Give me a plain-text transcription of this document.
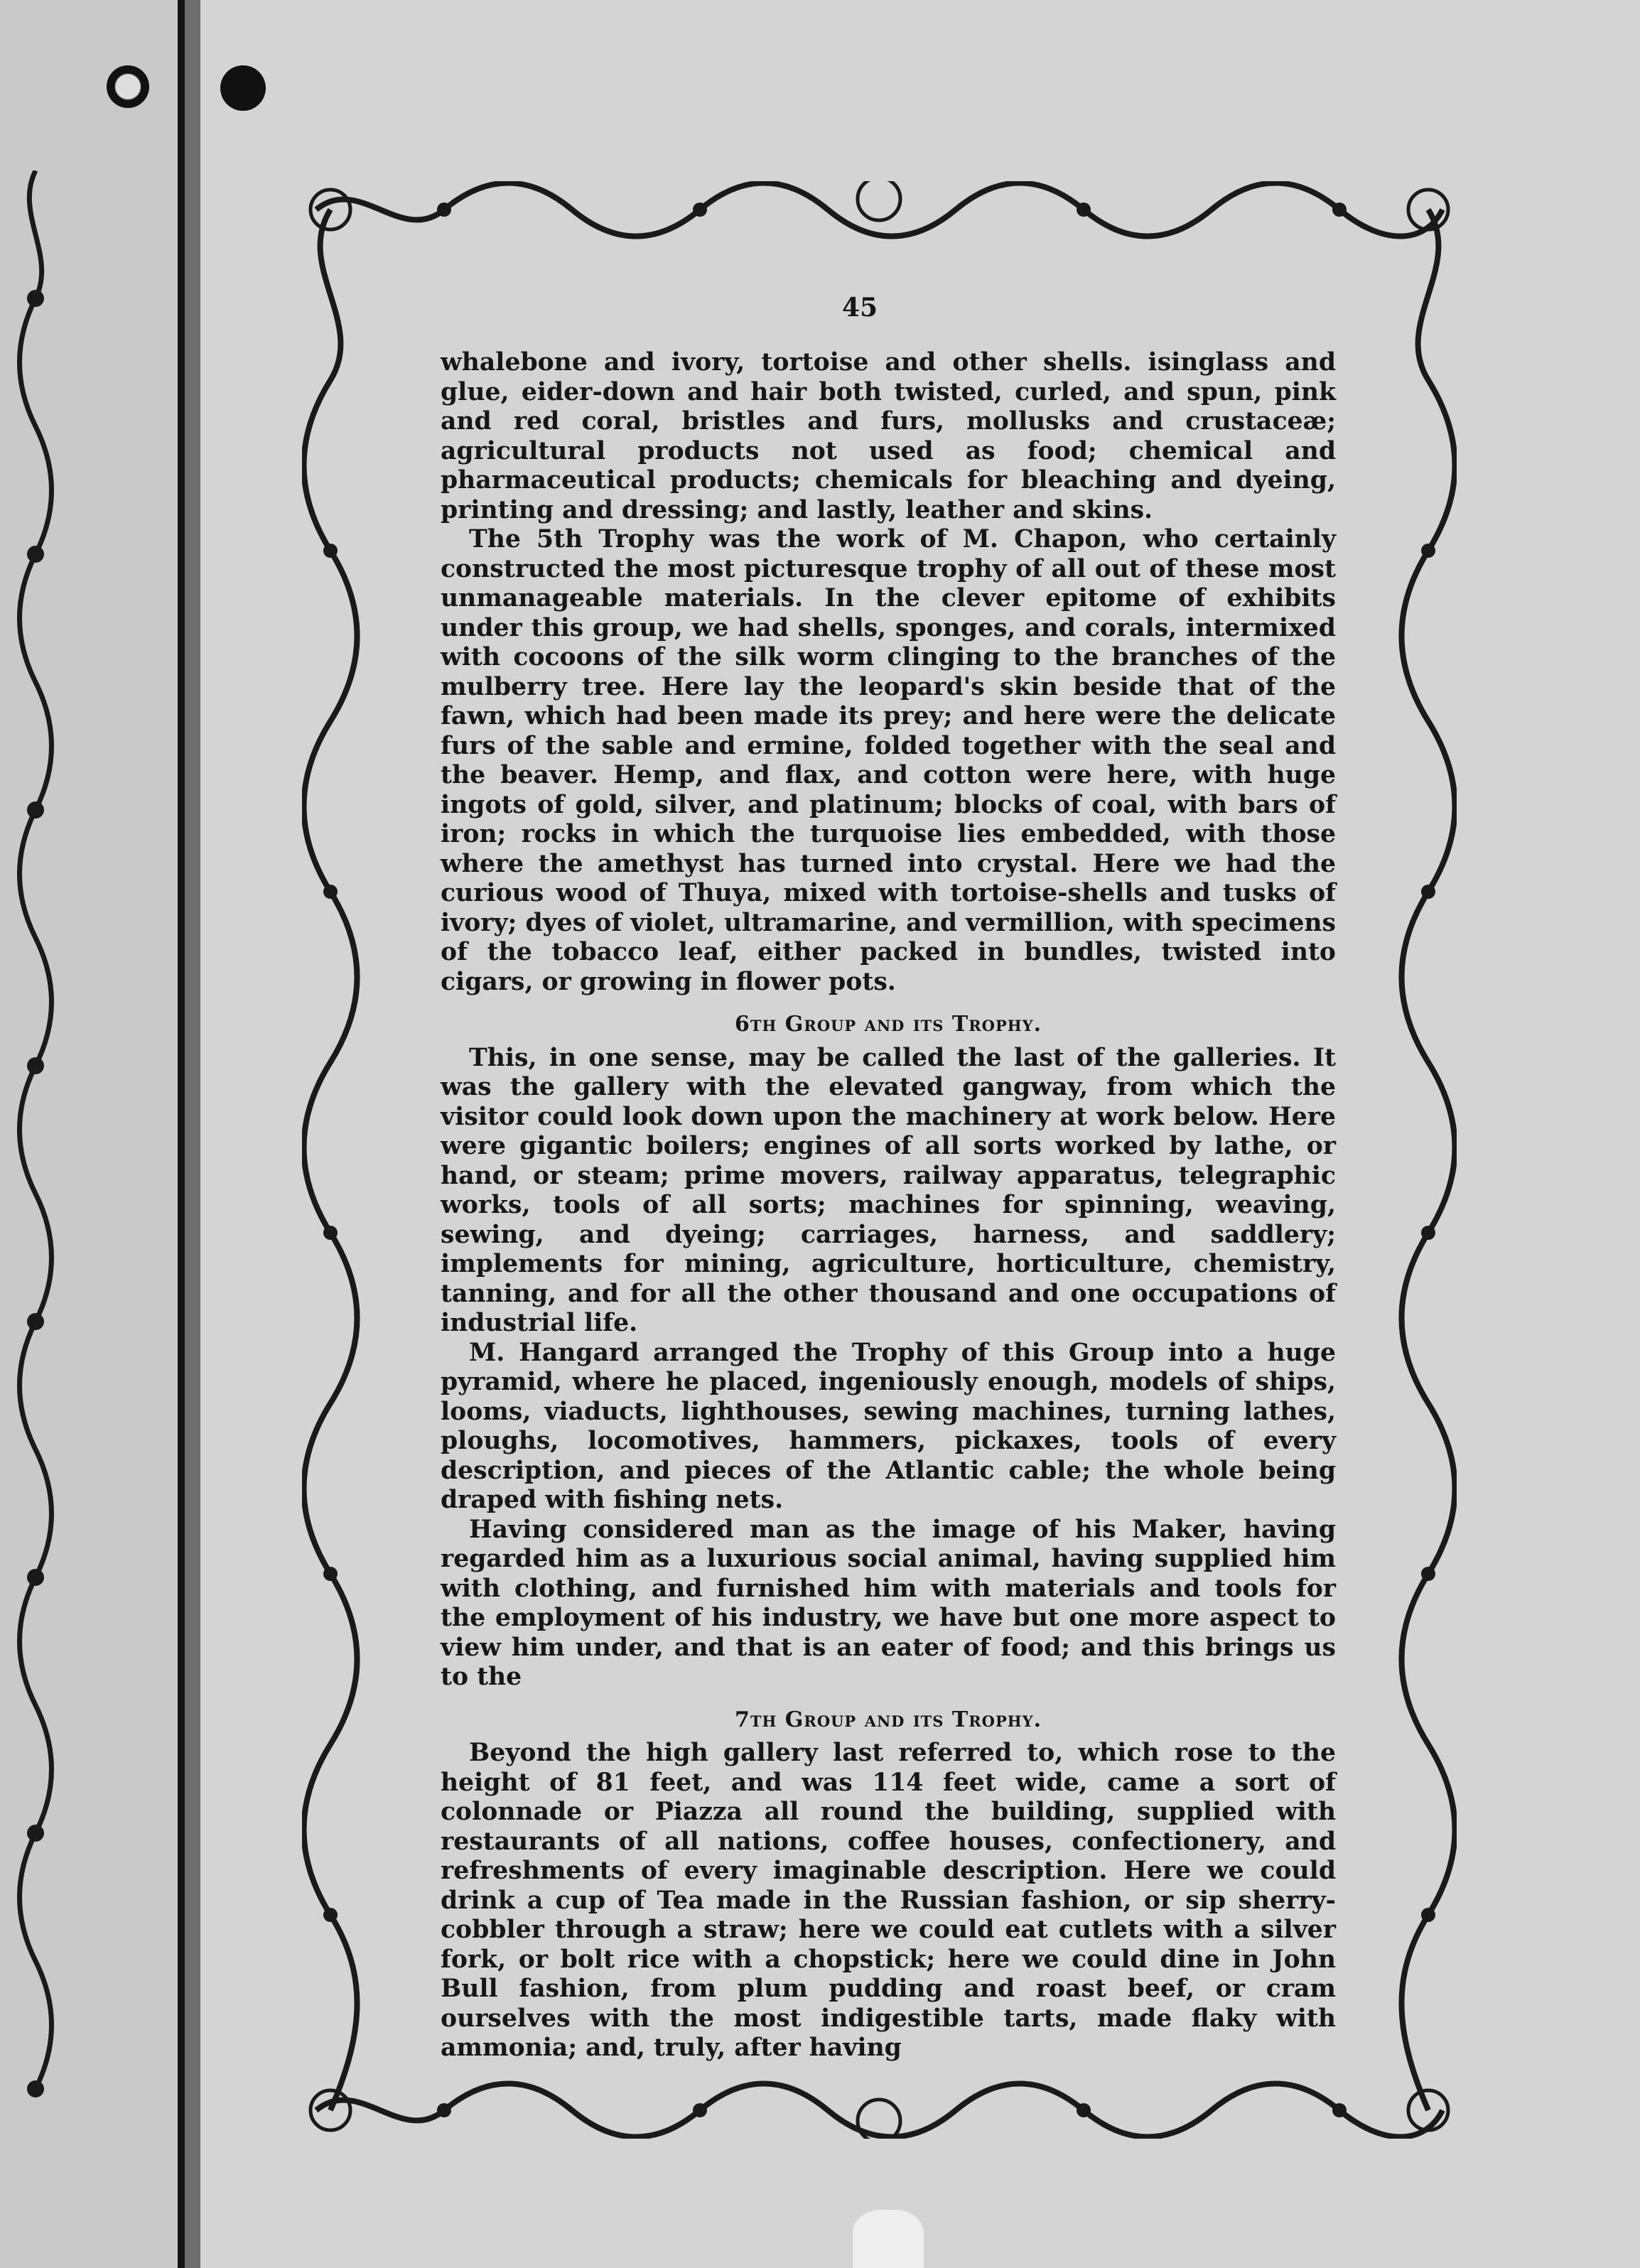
45

whalebone and ivory, tortoise and other shells. isinglass and glue, eider-down and hair both twisted, curled, and spun, pink and red coral, bristles and furs, mollusks and crustaceæ; agricultural products not used as food; chemical and pharmaceutical products; chemicals for bleaching and dyeing, printing and dressing; and lastly, leather and skins.

The 5th Trophy was the work of M. Chapon, who certainly constructed the most picturesque trophy of all out of these most unmanageable materials. In the clever epitome of exhibits under this group, we had shells, sponges, and corals, intermixed with cocoons of the silk worm clinging to the branches of the mulberry tree. Here lay the leopard's skin beside that of the fawn, which had been made its prey; and here were the delicate furs of the sable and ermine, folded together with the seal and the beaver. Hemp, and flax, and cotton were here, with huge ingots of gold, silver, and platinum; blocks of coal, with bars of iron; rocks in which the turquoise lies embedded, with those where the amethyst has turned into crystal. Here we had the curious wood of Thuya, mixed with tortoise-shells and tusks of ivory; dyes of violet, ultramarine, and vermillion, with specimens of the tobacco leaf, either packed in bundles, twisted into cigars, or growing in flower pots.

6th Group and its Trophy.

This, in one sense, may be called the last of the galleries. It was the gallery with the elevated gangway, from which the visitor could look down upon the machinery at work below. Here were gigantic boilers; engines of all sorts worked by lathe, or hand, or steam; prime movers, railway apparatus, telegraphic works, tools of all sorts; machines for spinning, weaving, sewing, and dyeing; carriages, harness, and saddlery; implements for mining, agriculture, horticulture, chemistry, tanning, and for all the other thousand and one occupations of industrial life.

M. Hangard arranged the Trophy of this Group into a huge pyramid, where he placed, ingeniously enough, models of ships, looms, viaducts, lighthouses, sewing machines, turning lathes, ploughs, locomotives, hammers, pickaxes, tools of every description, and pieces of the Atlantic cable; the whole being draped with fishing nets.

Having considered man as the image of his Maker, having regarded him as a luxurious social animal, having supplied him with clothing, and furnished him with materials and tools for the employment of his industry, we have but one more aspect to view him under, and that is an eater of food; and this brings us to the

7th Group and its Trophy.

Beyond the high gallery last referred to, which rose to the height of 81 feet, and was 114 feet wide, came a sort of colonnade or Piazza all round the building, supplied with restaurants of all nations, coffee houses, confectionery, and refreshments of every imaginable description. Here we could drink a cup of Tea made in the Russian fashion, or sip sherry-cobbler through a straw; here we could eat cutlets with a silver fork, or bolt rice with a chopstick; here we could dine in John Bull fashion, from plum pudding and roast beef, or cram ourselves with the most indigestible tarts, made flaky with ammonia; and, truly, after having
